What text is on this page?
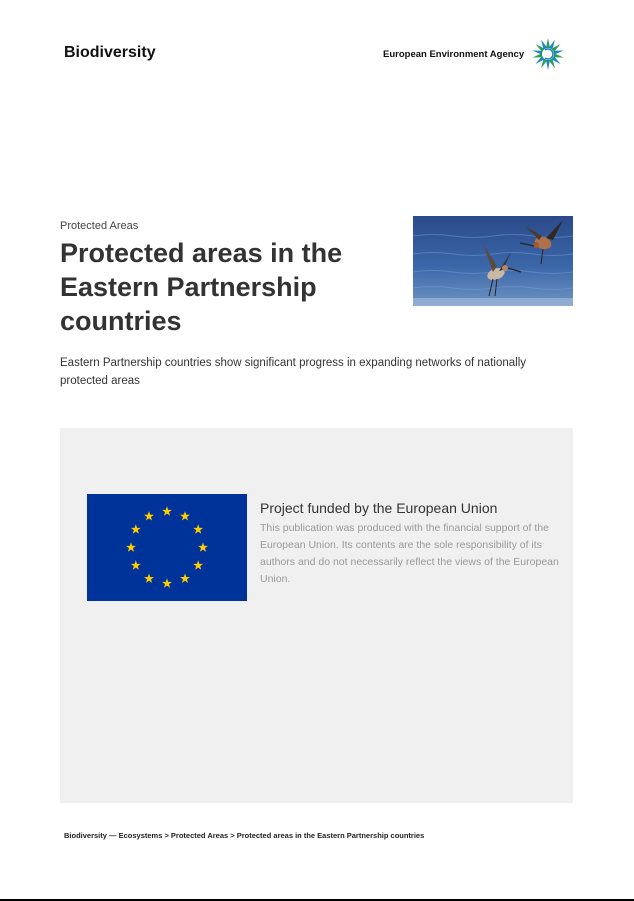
Biodiversity	European Environment Agency
Protected Areas
Protected areas in the Eastern Partnership countries

Eastern Partnership countries show significant progress in expanding networks of nationally protected areas

Project funded by the European Union

This publication was produced with the financial support of the European Union. Its contents are the sole responsibility of its authors and do not necessarily reflect the views of the European Union.

Biodiversity — Ecosystems > Protected Areas > Protected areas in the Eastern Partnership countries
